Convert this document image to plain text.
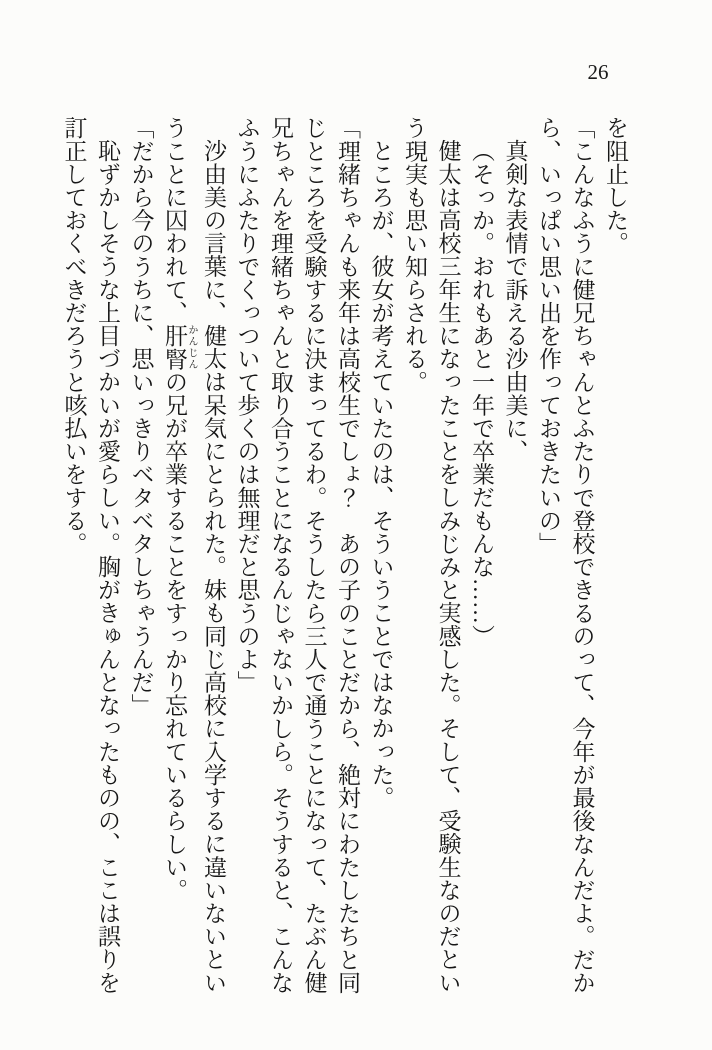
26
を阻止した。
「こんなふうに健兄ちゃんとふたりで登校できるのって、今年が最後なんだよ。だか
ら、いっぱい思い出を作っておきたいの」
真剣な表情で訴える沙由美に、
（そっか。おれもあと一年で卒業だもんな……）
健太は高校三年生になったことをしみじみと実感した。そして、受験生なのだとい
う現実も思い知らされる。
ところが、彼女が考えていたのは、そういうことではなかった。
「理緒ちゃんも来年は高校生でしょ？　あの子のことだから、絶対にわたしたちと同
じところを受験するに決まってるわ。そうしたら三人で通うことになって、たぶん健
兄ちゃんを理緒ちゃんと取り合うことになるんじゃないかしら。そうすると、こんな
ふうにふたりでくっついて歩くのは無理だと思うのよ」
沙由美の言葉に、健太は呆気にとられた。妹も同じ高校に入学するに違いないとい
うことに囚われて、肝腎 かんじんの兄が卒業することをすっかり忘れているらしい。
「だから今のうちに、思いっきりベタベタしちゃうんだ」
恥ずかしそうな上目づかいが愛らしい。胸がきゅんとなったものの、ここは誤りを
訂正しておくべきだろうと咳払いをする。
